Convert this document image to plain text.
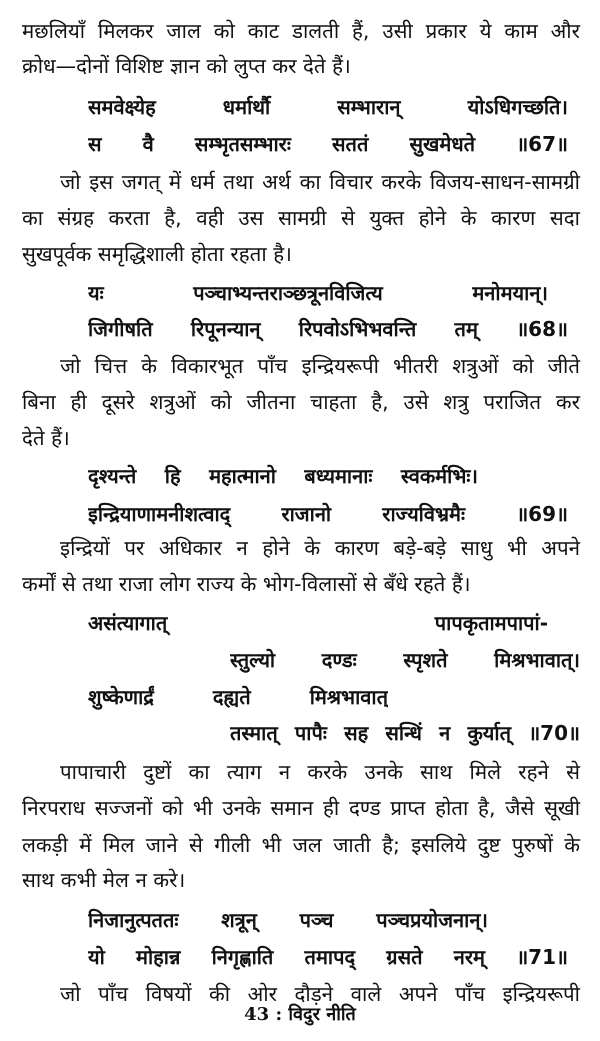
मछलियाँ मिलकर जाल को काट डालती हैं, उसी प्रकार ये काम और
क्रोध—दोनों विशिष्ट ज्ञान को लुप्त कर देते हैं।
समवेक्ष्येह धर्मार्थौ सम्भारान् योऽधिगच्छति।
स वै सम्भृतसम्भारः सततं सुखमेधते ॥67॥
जो इस जगत् में धर्म तथा अर्थ का विचार करके विजय-साधन-सामग्री
का संग्रह करता है, वही उस सामग्री से युक्त होने के कारण सदा
सुखपूर्वक समृद्धिशाली होता रहता है।
यः पञ्चाभ्यन्तराञ्छत्रूनविजित्य मनोमयान्।
जिगीषति रिपूनन्यान् रिपवोऽभिभवन्ति तम् ॥68॥
जो चित्त के विकारभूत पाँच इन्द्रियरूपी भीतरी शत्रुओं को जीते
बिना ही दूसरे शत्रुओं को जीतना चाहता है, उसे शत्रु पराजित कर
देते हैं।
दृश्यन्ते हि महात्मानो बध्यमानाः स्वकर्मभिः।
इन्द्रियाणामनीशत्वाद् राजानो राज्यविभ्रमैः ॥69॥
इन्द्रियों पर अधिकार न होने के कारण बड़े-बड़े साधु भी अपने
कर्मों से तथा राजा लोग राज्य के भोग-विलासों से बँधे रहते हैं।
असंत्यागात् पापकृतामपापां-
स्तुल्यो दण्डः स्पृशते मिश्रभावात्।
शुष्केणार्द्रं दह्यते मिश्रभावात्
तस्मात् पापैः सह सन्धिं न कुर्यात् ॥70॥
पापाचारी दुष्टों का त्याग न करके उनके साथ मिले रहने से
निरपराध सज्जनों को भी उनके समान ही दण्ड प्राप्त होता है, जैसे सूखी
लकड़ी में मिल जाने से गीली भी जल जाती है; इसलिये दुष्ट पुरुषों के
साथ कभी मेल न करे।
निजानुत्पततः शत्रून् पञ्च पञ्चप्रयोजनान्।
यो मोहान्न निगृह्णाति तमापद् ग्रसते नरम् ॥71॥
जो पाँच विषयों की ओर दौड़ने वाले अपने पाँच इन्द्रियरूपी
43 : विदुर नीति
